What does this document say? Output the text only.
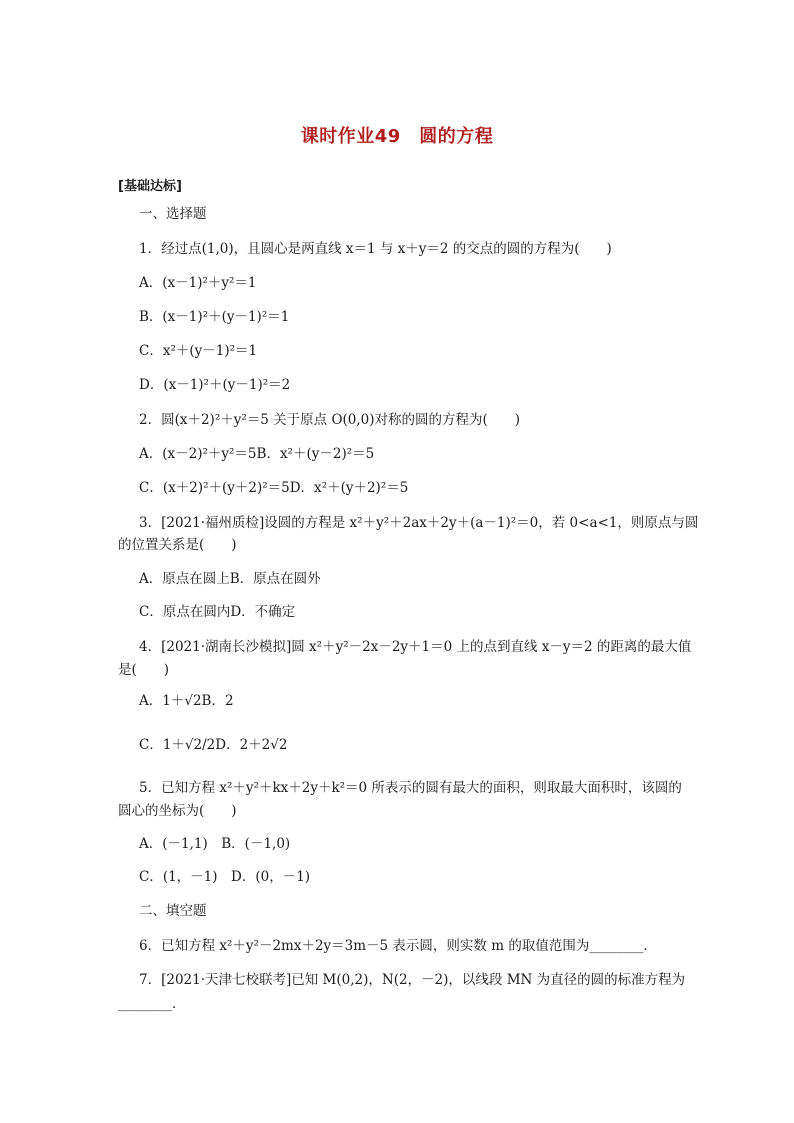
课时作业49　圆的方程
[基础达标]
一、选择题
1．经过点(1,0)，且圆心是两直线 x＝1 与 x＋y＝2 的交点的圆的方程为(　　)
A．(x－1)²＋y²＝1
B．(x－1)²＋(y－1)²＝1
C．x²＋(y－1)²＝1
D．(x－1)²＋(y－1)²＝2
2．圆(x＋2)²＋y²＝5 关于原点 O(0,0)对称的圆的方程为(　　)
A．(x－2)²＋y²＝5B．x²＋(y－2)²＝5
C．(x＋2)²＋(y＋2)²＝5D．x²＋(y＋2)²＝5
3．[2021·福州质检]设圆的方程是 x²＋y²＋2ax＋2y＋(a－1)²＝0，若 0<a<1，则原点与圆
的位置关系是(　　)
A．原点在圆上B．原点在圆外
C．原点在圆内D．不确定
4．[2021·湖南长沙模拟]圆 x²＋y²－2x－2y＋1＝0 上的点到直线 x－y＝2 的距离的最大值
是(　　)
A．1＋√2B．2
C．1＋√2/2D．2＋2√2
5．已知方程 x²＋y²＋kx＋2y＋k²＝0 所表示的圆有最大的面积，则取最大面积时，该圆的
圆心的坐标为(　　)
A．(－1,1)　B．(－1,0)
C．(1，－1)　D．(0，－1)
二、填空题
6．已知方程 x²＋y²－2mx＋2y＝3m－5 表示圆，则实数 m 的取值范围为________．
7．[2021·天津七校联考]已知 M(0,2)，N(2，－2)，以线段 MN 为直径的圆的标准方程为
________．
